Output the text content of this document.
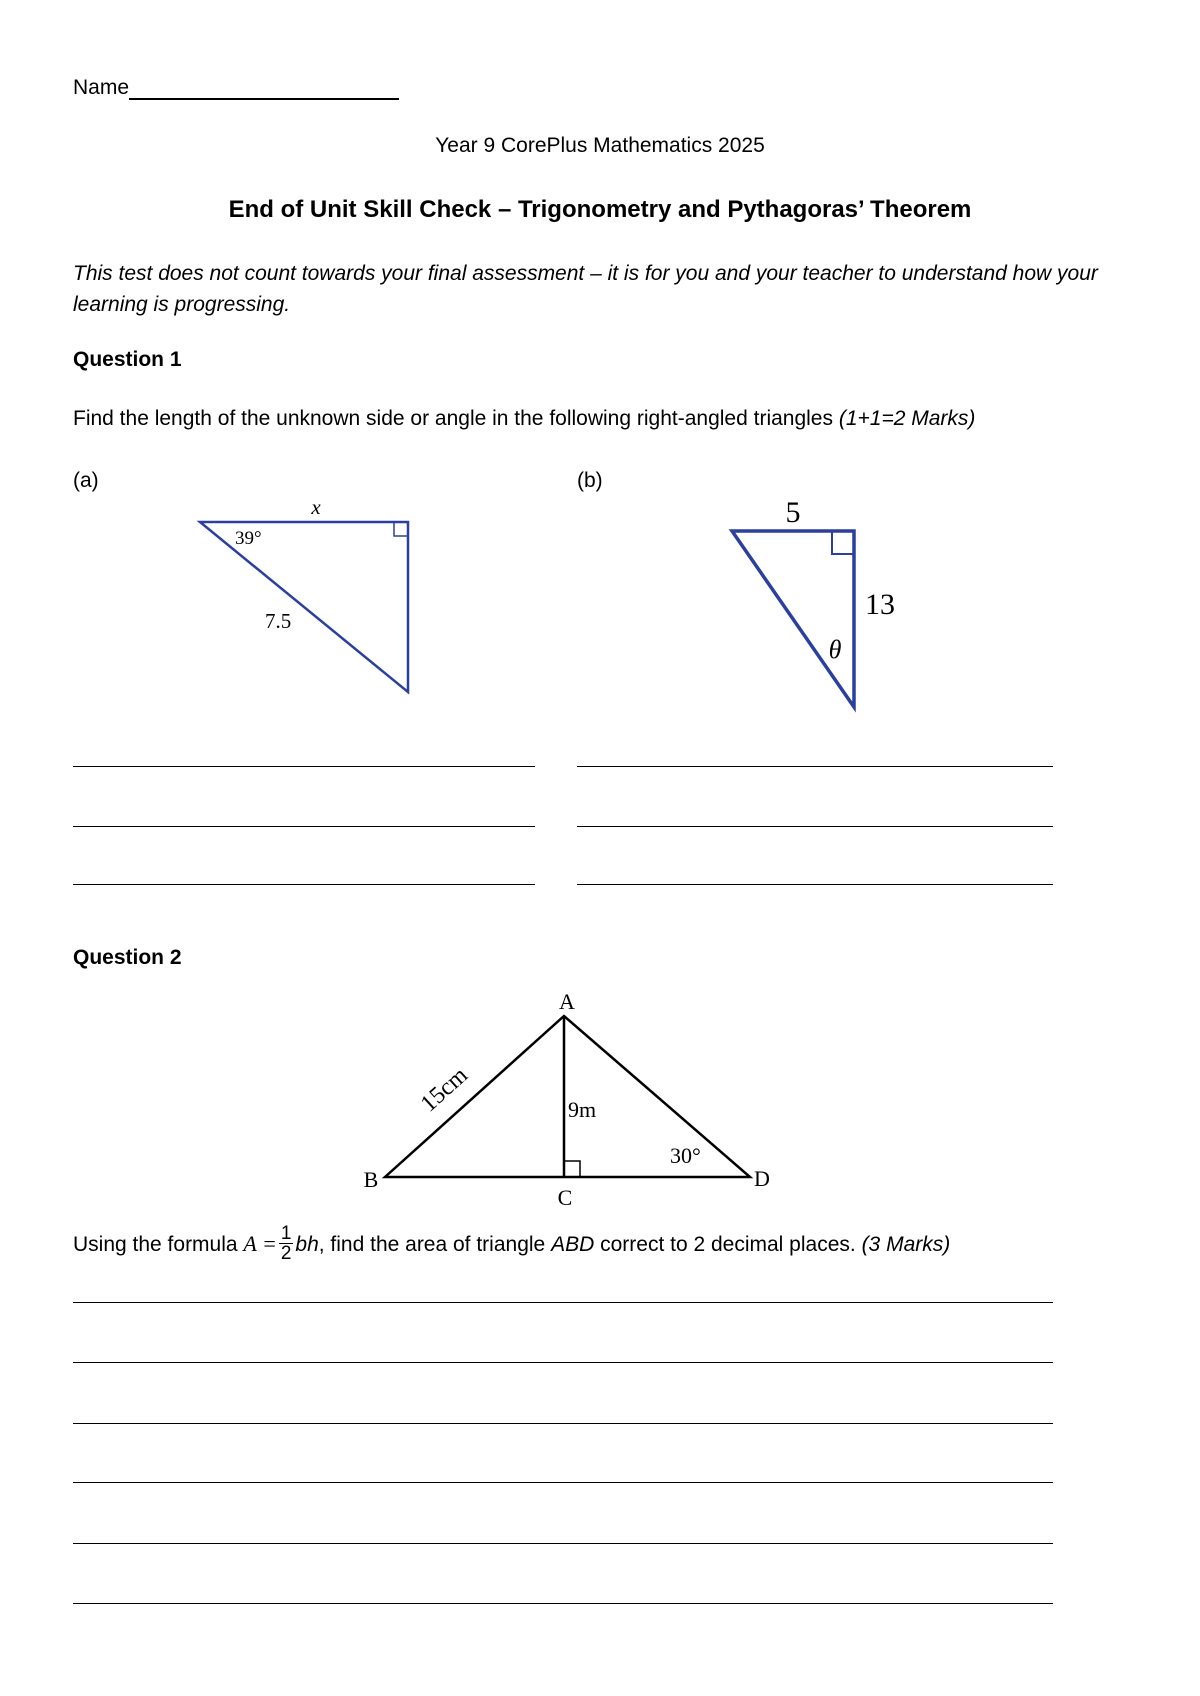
Name
Year 9 CorePlus Mathematics 2025
End of Unit Skill Check – Trigonometry and Pythagoras’ Theorem
This test does not count towards your final assessment – it is for you and your teacher to understand how your learning is progressing.
Question 1
Find the length of the unknown side or angle in the following right-angled triangles (1+1=2 Marks)
(a)	(b)
x
39°
7.5
5
13
θ
Question 2
A
B
C
D
15cm	9m
30°
Using the formula $A = \frac{1}{2}$ bh, find the area of triangle ABD correct to 2 decimal places. (3 Marks)
